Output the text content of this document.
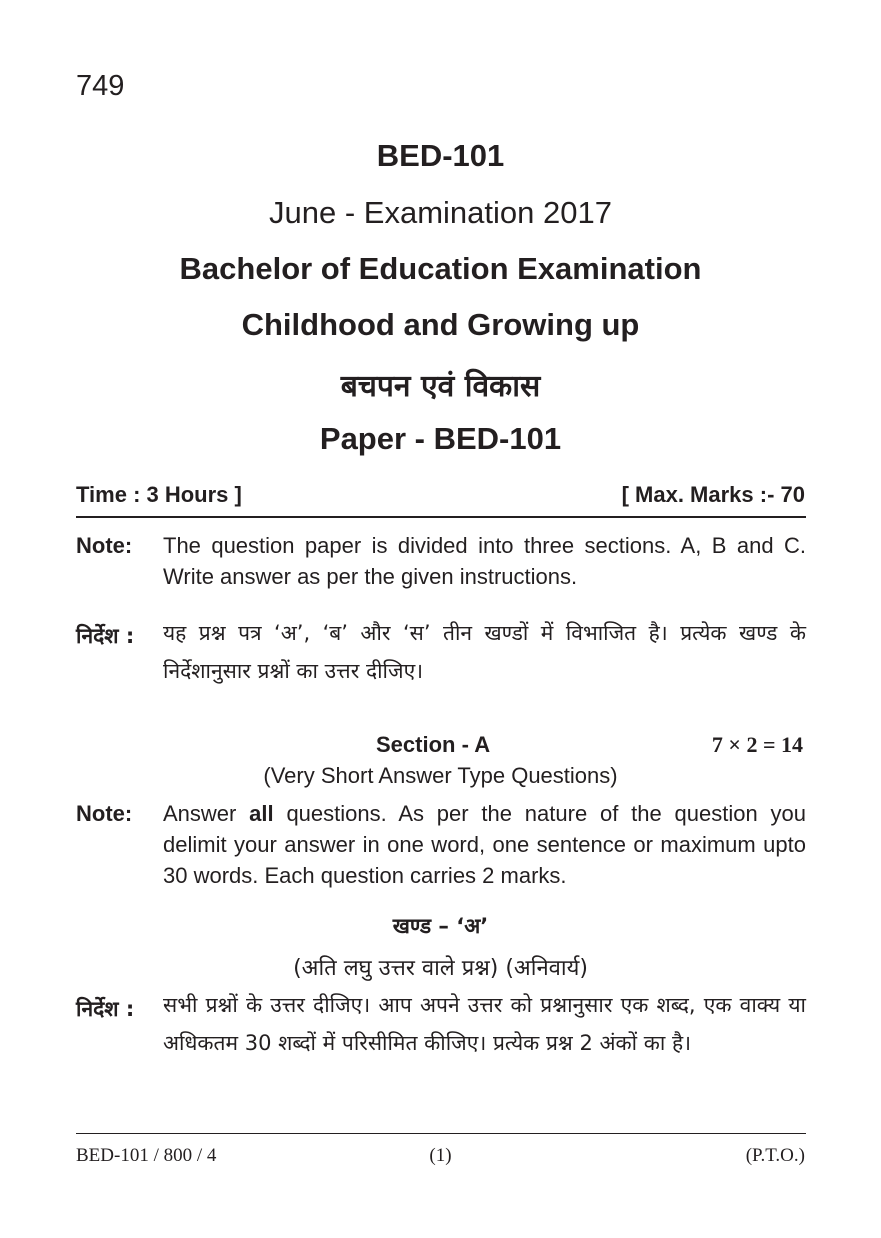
749
BED-101
June - Examination 2017
Bachelor of Education Examination
Childhood and Growing up
बचपन एवं विकास
Paper - BED-101
Time : 3 Hours ]	[ Max. Marks :- 70
Note: The question paper is divided into three sections. A, B and C. Write answer as per the given instructions.
निर्देश : यह प्रश्न पत्र ‘अ’, ‘ब’ और ‘स’ तीन खण्डों में विभाजित है। प्रत्येक खण्ड के निर्देशानुसार प्रश्नों का उत्तर दीजिए।
Section - A	7 × 2 = 14
(Very Short Answer Type Questions)
Note: Answer all questions. As per the nature of the question you delimit your answer in one word, one sentence or maximum upto 30 words. Each question carries 2 marks.
खण्ड – ‘अ’
(अति लघु उत्तर वाले प्रश्न) (अनिवार्य)
निर्देश : सभी प्रश्नों के उत्तर दीजिए। आप अपने उत्तर को प्रश्नानुसार एक शब्द, एक वाक्य या अधिकतम 30 शब्दों में परिसीमित कीजिए। प्रत्येक प्रश्न 2 अंकों का है।
BED-101 / 800 / 4	(1)	(P.T.O.)
